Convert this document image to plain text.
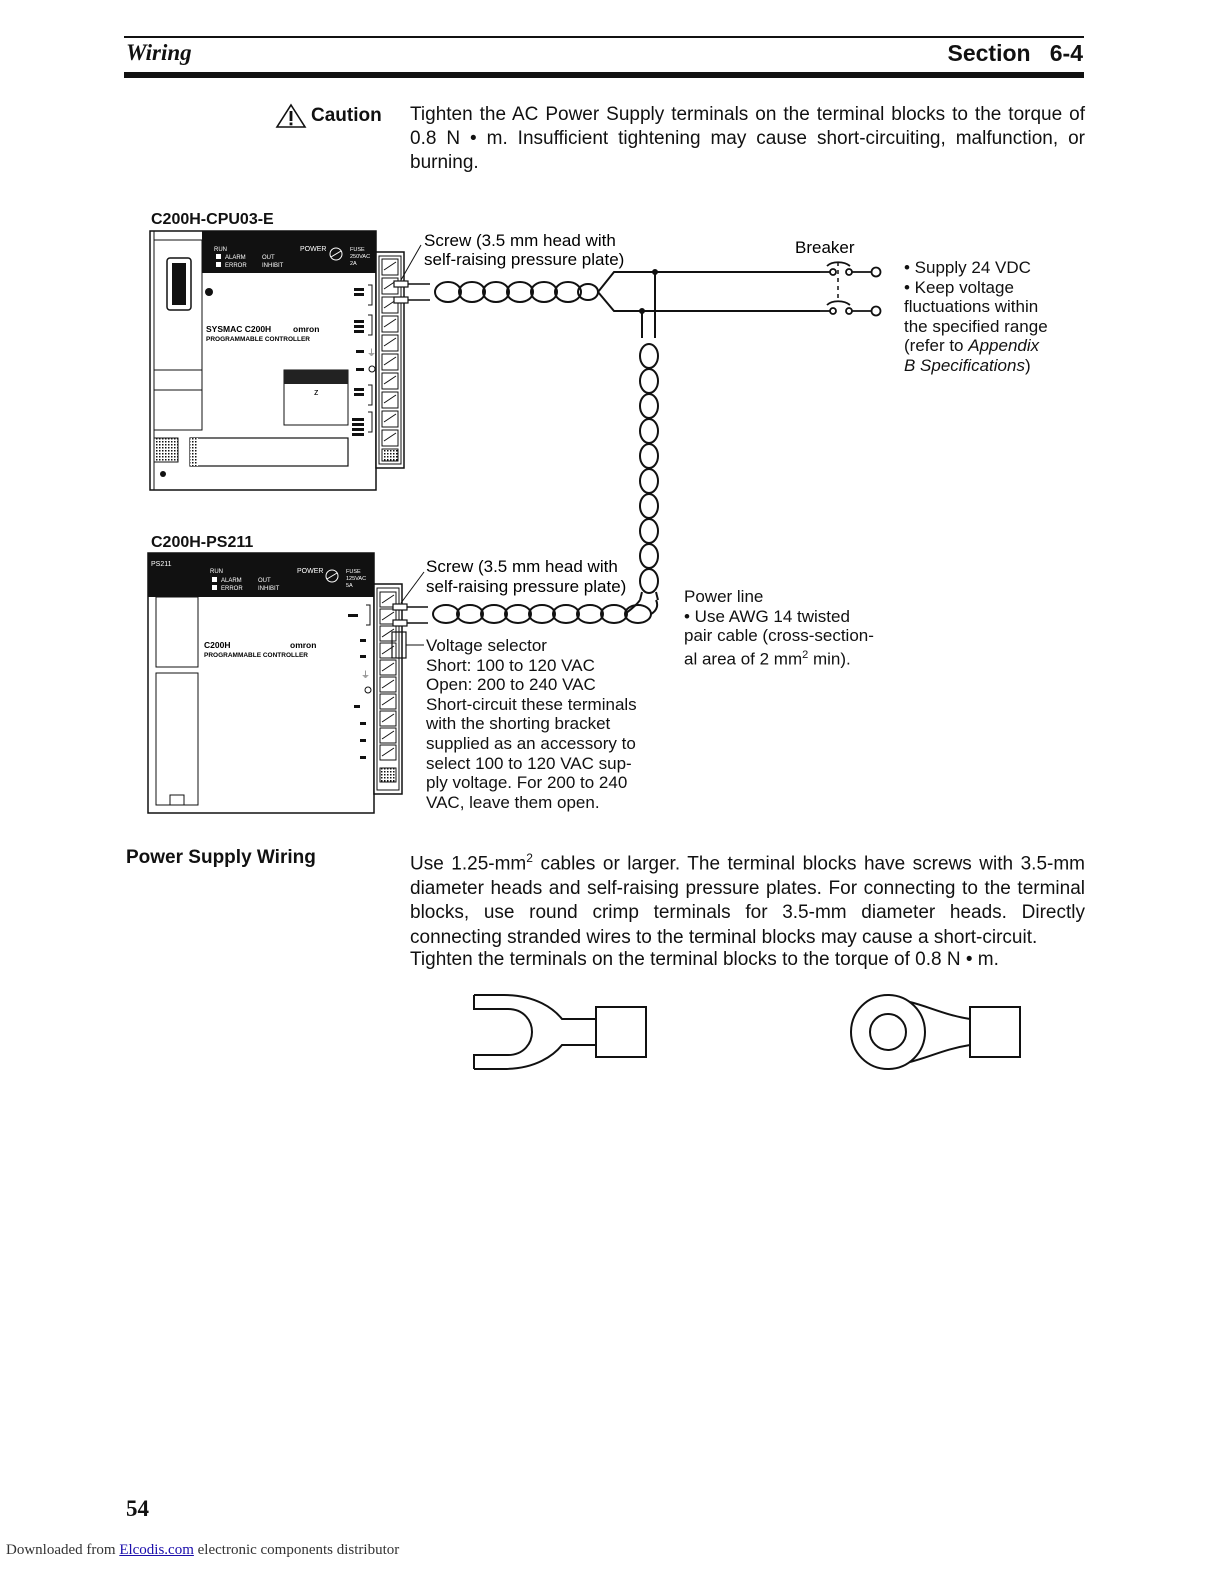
Wiring	Section 6-4
Caution Tighten the AC Power Supply terminals on the terminal blocks to the torque of 0.8 N • m. Insufficient tightening may cause short-circuiting, malfunction, or burning.
C200H-CPU03-E
C200H-PS211
z
RUN
ALARM
ERROR
OUT
INHIBIT
POWER	FUSE
250VAC
2A
SYSMAC C200H	omron
PROGRAMMABLE CONTROLLER
⏚
PS211
RUN
ALARM
ERROR
OUT
INHIBIT
POWER	FUSE
125VAC
5A
C200H	omron
PROGRAMMABLE CONTROLLER
⏚
Screw (3.5 mm head with
self-raising pressure plate)
Screw (3.5 mm head with
self-raising pressure plate)
Breaker
• Supply 24 VDC
• Keep voltage
fluctuations within
the specified range
(refer to Appendix
B Specifications)
Power line
• Use AWG 14 twisted
pair cable (cross-section-
al area of 2 $mm^2$ min).
Voltage selector
Short: 100 to 120 VAC
Open: 200 to 240 VAC
Short-circuit these terminals
with the shorting bracket
supplied as an accessory to
select 100 to 120 VAC sup-
ply voltage. For 200 to 240
VAC, leave them open.
Power Supply Wiring	Use $1.25-mm^2$ cables or larger. The terminal blocks have screws with 3.5-mm diameter heads and self-raising pressure plates. For connecting to the terminal blocks, use round crimp terminals for 3.5-mm diameter heads. Directly connecting stranded wires to the terminal blocks may cause a short-circuit.
Tighten the terminals on the terminal blocks to the torque of 0.8 N • m.
54
Downloaded from Elcodis.com electronic components distributor
